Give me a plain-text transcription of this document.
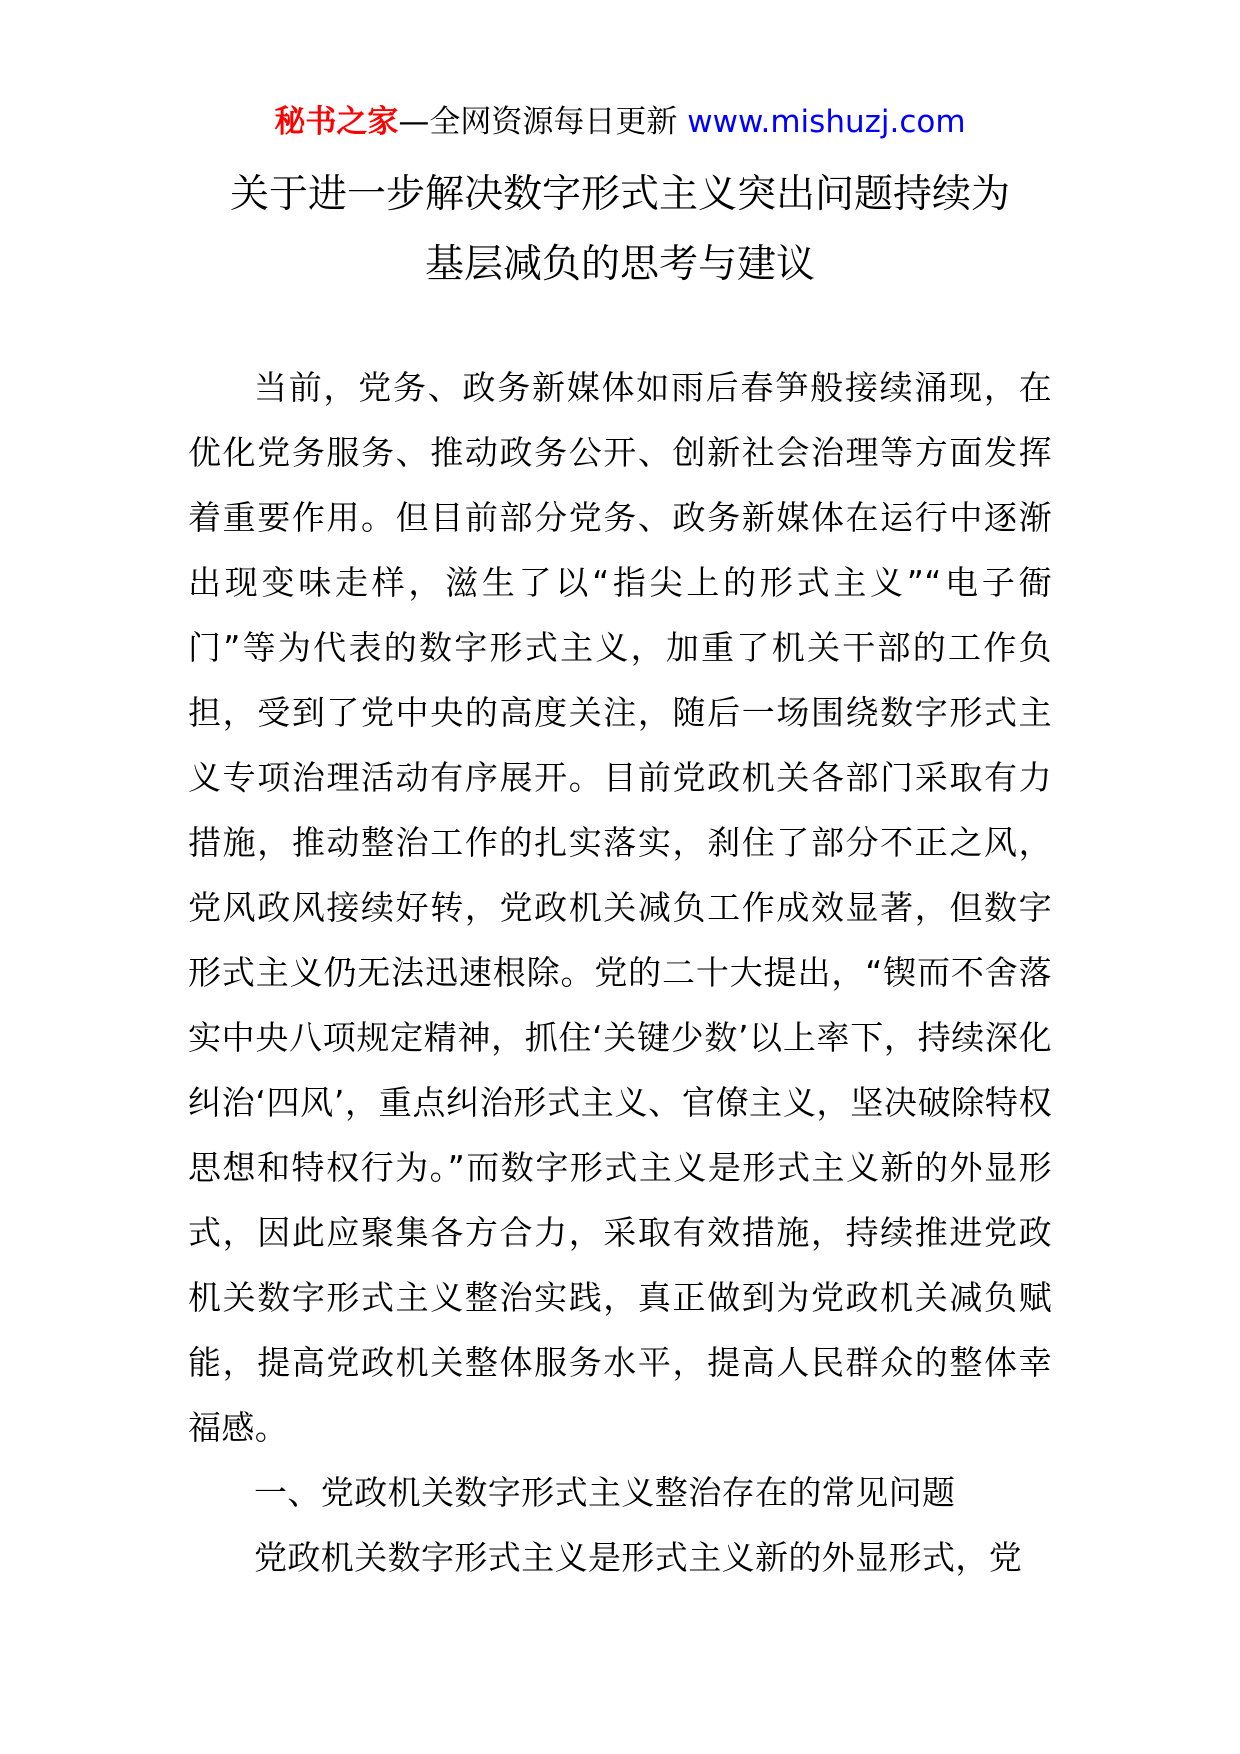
秘书之家—全网资源每日更新 www.mishuzj.com
关于进一步解决数字形式主义突出问题持续为
基层减负的思考与建议

当前，党务、政务新媒体如雨后春笋般接续涌现，在优化党务服务、推动政务公开、创新社会治理等方面发挥着重要作用。但目前部分党务、政务新媒体在运行中逐渐出现变味走样，滋生了以“指尖上的形式主义”“电子衙门”等为代表的数字形式主义，加重了机关干部的工作负担，受到了党中央的高度关注，随后一场围绕数字形式主义专项治理活动有序展开。目前党政机关各部门采取有力措施，推动整治工作的扎实落实，刹住了部分不正之风，党风政风接续好转，党政机关减负工作成效显著，但数字形式主义仍无法迅速根除。党的二十大提出，“锲而不舍落实中央八项规定精神，抓住‘关键少数’以上率下，持续深化纠治‘四风’，重点纠治形式主义、官僚主义，坚决破除特权思想和特权行为。”而数字形式主义是形式主义新的外显形式，因此应聚集各方合力，采取有效措施，持续推进党政机关数字形式主义整治实践，真正做到为党政机关减负赋能，提高党政机关整体服务水平，提高人民群众的整体幸福感。

一、党政机关数字形式主义整治存在的常见问题

党政机关数字形式主义是形式主义新的外显形式，党
